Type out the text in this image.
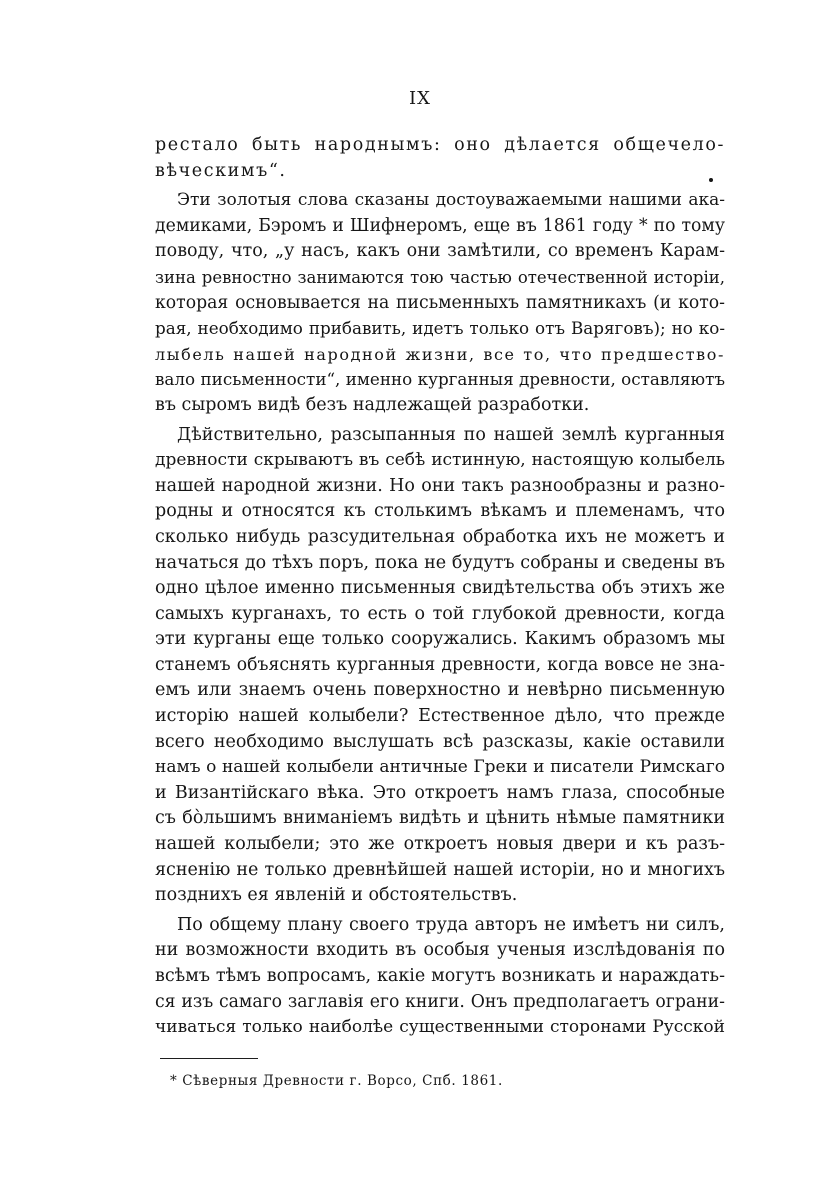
IX
рестало быть народнымъ: оно дѣлается общечело-
вѣческимъ“.
Эти золотыя слова сказаны достоуважаемыми нашими ака-
демиками, Бэромъ и Шифнеромъ, еще въ 1861 году * по тому
поводу, что, „у насъ, какъ они замѣтили, со временъ Карам-
зина ревностно занимаются тою частью отечественной исторіи,
которая основывается на письменныхъ памятникахъ (и кото-
рая, необходимо прибавить, идетъ только отъ Варяговъ); но ко-
лыбель нашей народной жизни, все то, что предшество-
вало письменности“, именно курганныя древности, оставляютъ
въ сыромъ видѣ безъ надлежащей разработки.
Дѣйствительно, разсыпанныя по нашей землѣ курганныя
древности скрываютъ въ себѣ истинную, настоящую колыбель
нашей народной жизни. Но они такъ разнообразны и разно-
родны и относятся къ столькимъ вѣкамъ и племенамъ, что
сколько нибудь разсудительная обработка ихъ не можетъ и
начаться до тѣхъ поръ, пока не будутъ собраны и сведены въ
одно цѣлое именно письменныя свидѣтельства объ этихъ же
самыхъ курганахъ, то есть о той глубокой древности, когда
эти курганы еще только сооружались. Какимъ образомъ мы
станемъ объяснять курганныя древности, когда вовсе не зна-
емъ или знаемъ очень поверхностно и невѣрно письменную
исторію нашей колыбели? Естественное дѣло, что прежде
всего необходимо выслушать всѣ разсказы, какіе оставили
намъ о нашей колыбели античные Греки и писатели Римскаго
и Византійскаго вѣка. Это откроетъ намъ глаза, способные
съ бо̀льшимъ вниманіемъ видѣть и цѣнить нѣмые памятники
нашей колыбели; это же откроетъ новыя двери и къ разъ-
ясненію не только древнѣйшей нашей исторіи, но и многихъ
позднихъ ея явленій и обстоятельствъ.
По общему плану своего труда авторъ не имѣетъ ни силъ,
ни возможности входить въ особыя ученыя изслѣдованія по
всѣмъ тѣмъ вопросамъ, какіе могутъ возникать и нараждать-
ся изъ самаго заглавія его книги. Онъ предполагаетъ ограни-
чиваться только наиболѣе существенными сторонами Русской
* Сѣверныя Древности г. Ворсо, Спб. 1861.
